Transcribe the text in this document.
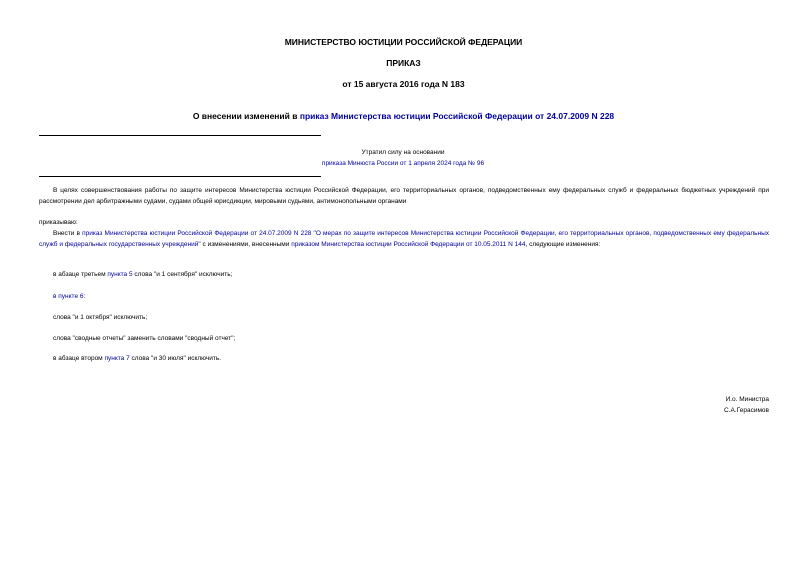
МИНИСТЕРСТВО ЮСТИЦИИ РОССИЙСКОЙ ФЕДЕРАЦИИ
ПРИКАЗ
от 15 августа 2016 года N 183
О внесении изменений в приказ Министерства юстиции Российской Федерации от 24.07.2009 N 228
Утратил силу на основании
приказа Минюста России от 1 апреля 2024 года № 96
В целях совершенствования работы по защите интересов Министерства юстиции Российской Федерации, его территориальных органов, подведомственных ему федеральных служб и федеральных бюджетных учреждений при рассмотрении дел арбитражными судами, судами общей юрисдикции, мировыми судьями, антимонопольными органами
приказываю:
Внести в приказ Министерства юстиции Российской Федерации от 24.07.2009 N 228 "О мерах по защите интересов Министерства юстиции Российской Федерации, его территориальных органов, подведомственных ему федеральных служб и федеральных государственных учреждений" с изменениями, внесенными приказом Министерства юстиции Российской Федерации от 10.05.2011 N 144, следующие изменения:
в абзаце третьем пункта 5 слова "и 1 сентября" исключить;
в пункте 6:
слова "и 1 октября" исключить;
слова "сводные отчеты" заменить словами "сводный отчет";
в абзаце втором пункта 7 слова "и 30 июля" исключить.
И.о. Министра
С.А.Герасимов
